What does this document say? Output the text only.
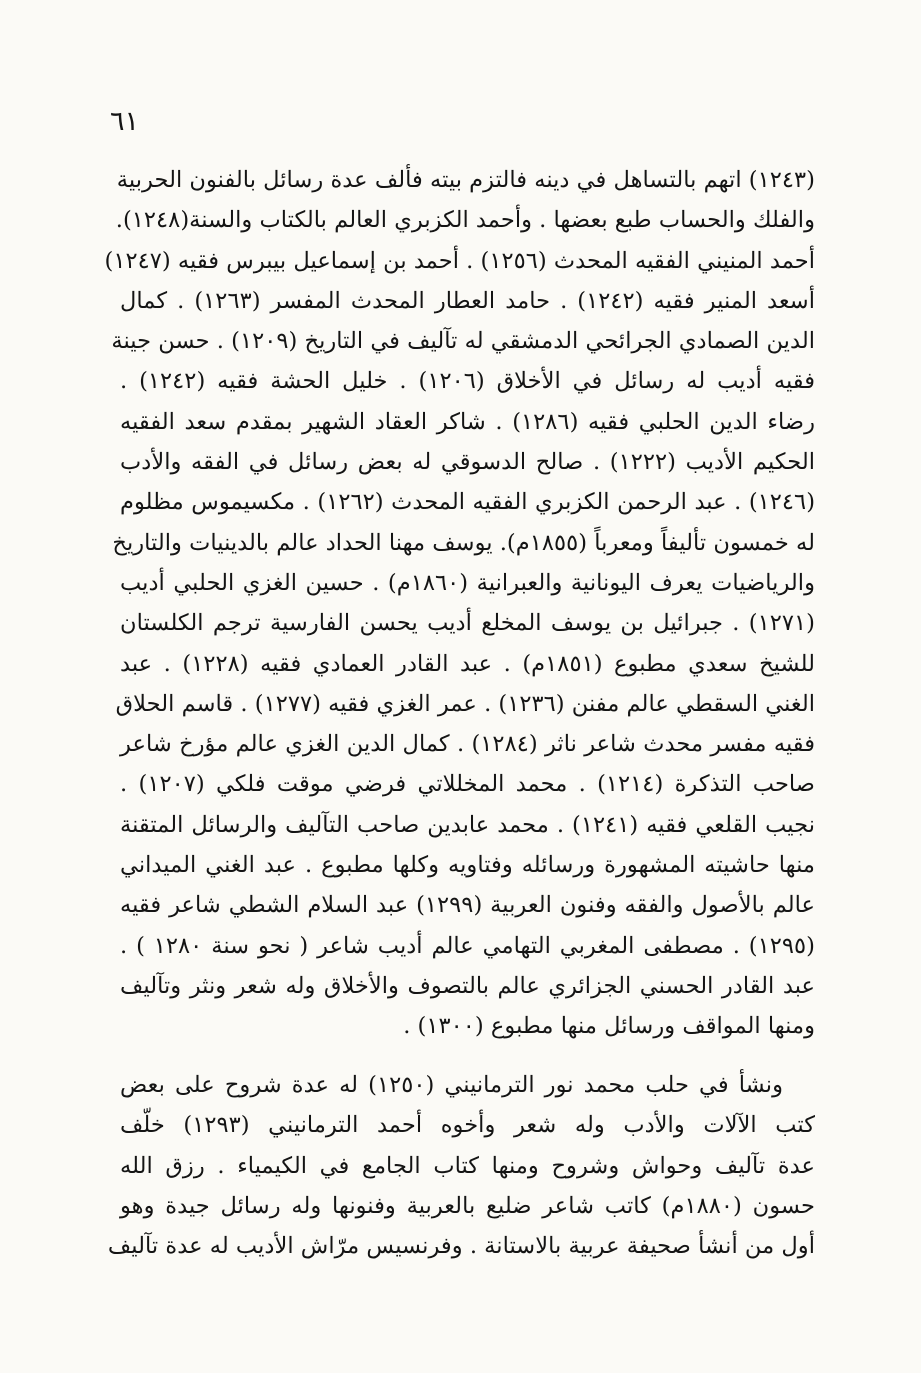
٦١
(١٢٤٣) اتهم بالتساهل في دينه فالتزم بيته فألف عدة رسائل بالفنون الحربية
والفلك والحساب طبع بعضها . وأحمد الكزبري العالم بالكتاب والسنة(١٢٤٨).
أحمد المنيني الفقيه المحدث (١٢٥٦) . أحمد بن إسماعيل بيبرس فقيه (١٢٤٧)
أسعد المنير فقيه (١٢٤٢) . حامد العطار المحدث المفسر (١٢٦٣) . كمال
الدين الصمادي الجرائحي الدمشقي له تآليف في التاريخ (١٢٠٩) . حسن جينة
فقيه أديب له رسائل في الأخلاق (١٢٠٦) . خليل الحشة فقيه (١٢٤٢) .
رضاء الدين الحلبي فقيه (١٢٨٦) . شاكر العقاد الشهير بمقدم سعد الفقيه
الحكيم الأديب (١٢٢٢) . صالح الدسوقي له بعض رسائل في الفقه والأدب
(١٢٤٦) . عبد الرحمن الكزبري الفقيه المحدث (١٢٦٢) . مكسيموس مظلوم
له خمسون تأليفاً ومعرباً (١٨٥٥م). يوسف مهنا الحداد عالم بالدينيات والتاريخ
والرياضيات يعرف اليونانية والعبرانية (١٨٦٠م) . حسين الغزي الحلبي أديب
(١٢٧١) . جبرائيل بن يوسف المخلع أديب يحسن الفارسية ترجم الكلستان
للشيخ سعدي مطبوع (١٨٥١م) . عبد القادر العمادي فقيه (١٢٢٨) . عبد
الغني السقطي عالم مفنن (١٢٣٦) . عمر الغزي فقيه (١٢٧٧) . قاسم الحلاق
فقيه مفسر محدث شاعر ناثر (١٢٨٤) . كمال الدين الغزي عالم مؤرخ شاعر
صاحب التذكرة (١٢١٤) . محمد المخللاتي فرضي موقت فلكي (١٢٠٧) .
نجيب القلعي فقيه (١٢٤١) . محمد عابدين صاحب التآليف والرسائل المتقنة
منها حاشيته المشهورة ورسائله وفتاويه وكلها مطبوع . عبد الغني الميداني
عالم بالأصول والفقه وفنون العربية (١٢٩٩) عبد السلام الشطي شاعر فقيه
(١٢٩٥) . مصطفى المغربي التهامي عالم أديب شاعر ( نحو سنة ١٢٨٠ ) .
عبد القادر الحسني الجزائري عالم بالتصوف والأخلاق وله شعر ونثر وتآليف
ومنها المواقف ورسائل منها مطبوع (١٣٠٠) .
ونشأ في حلب محمد نور الترمانيني (١٢٥٠) له عدة شروح على بعض
كتب الآلات والأدب وله شعر وأخوه أحمد الترمانيني (١٢٩٣) خلّف
عدة تآليف وحواش وشروح ومنها كتاب الجامع في الكيمياء . رزق الله
حسون (١٨٨٠م) كاتب شاعر ضليع بالعربية وفنونها وله رسائل جيدة وهو
أول من أنشأ صحيفة عربية بالاستانة . وفرنسيس مرّاش الأديب له عدة تآليف
